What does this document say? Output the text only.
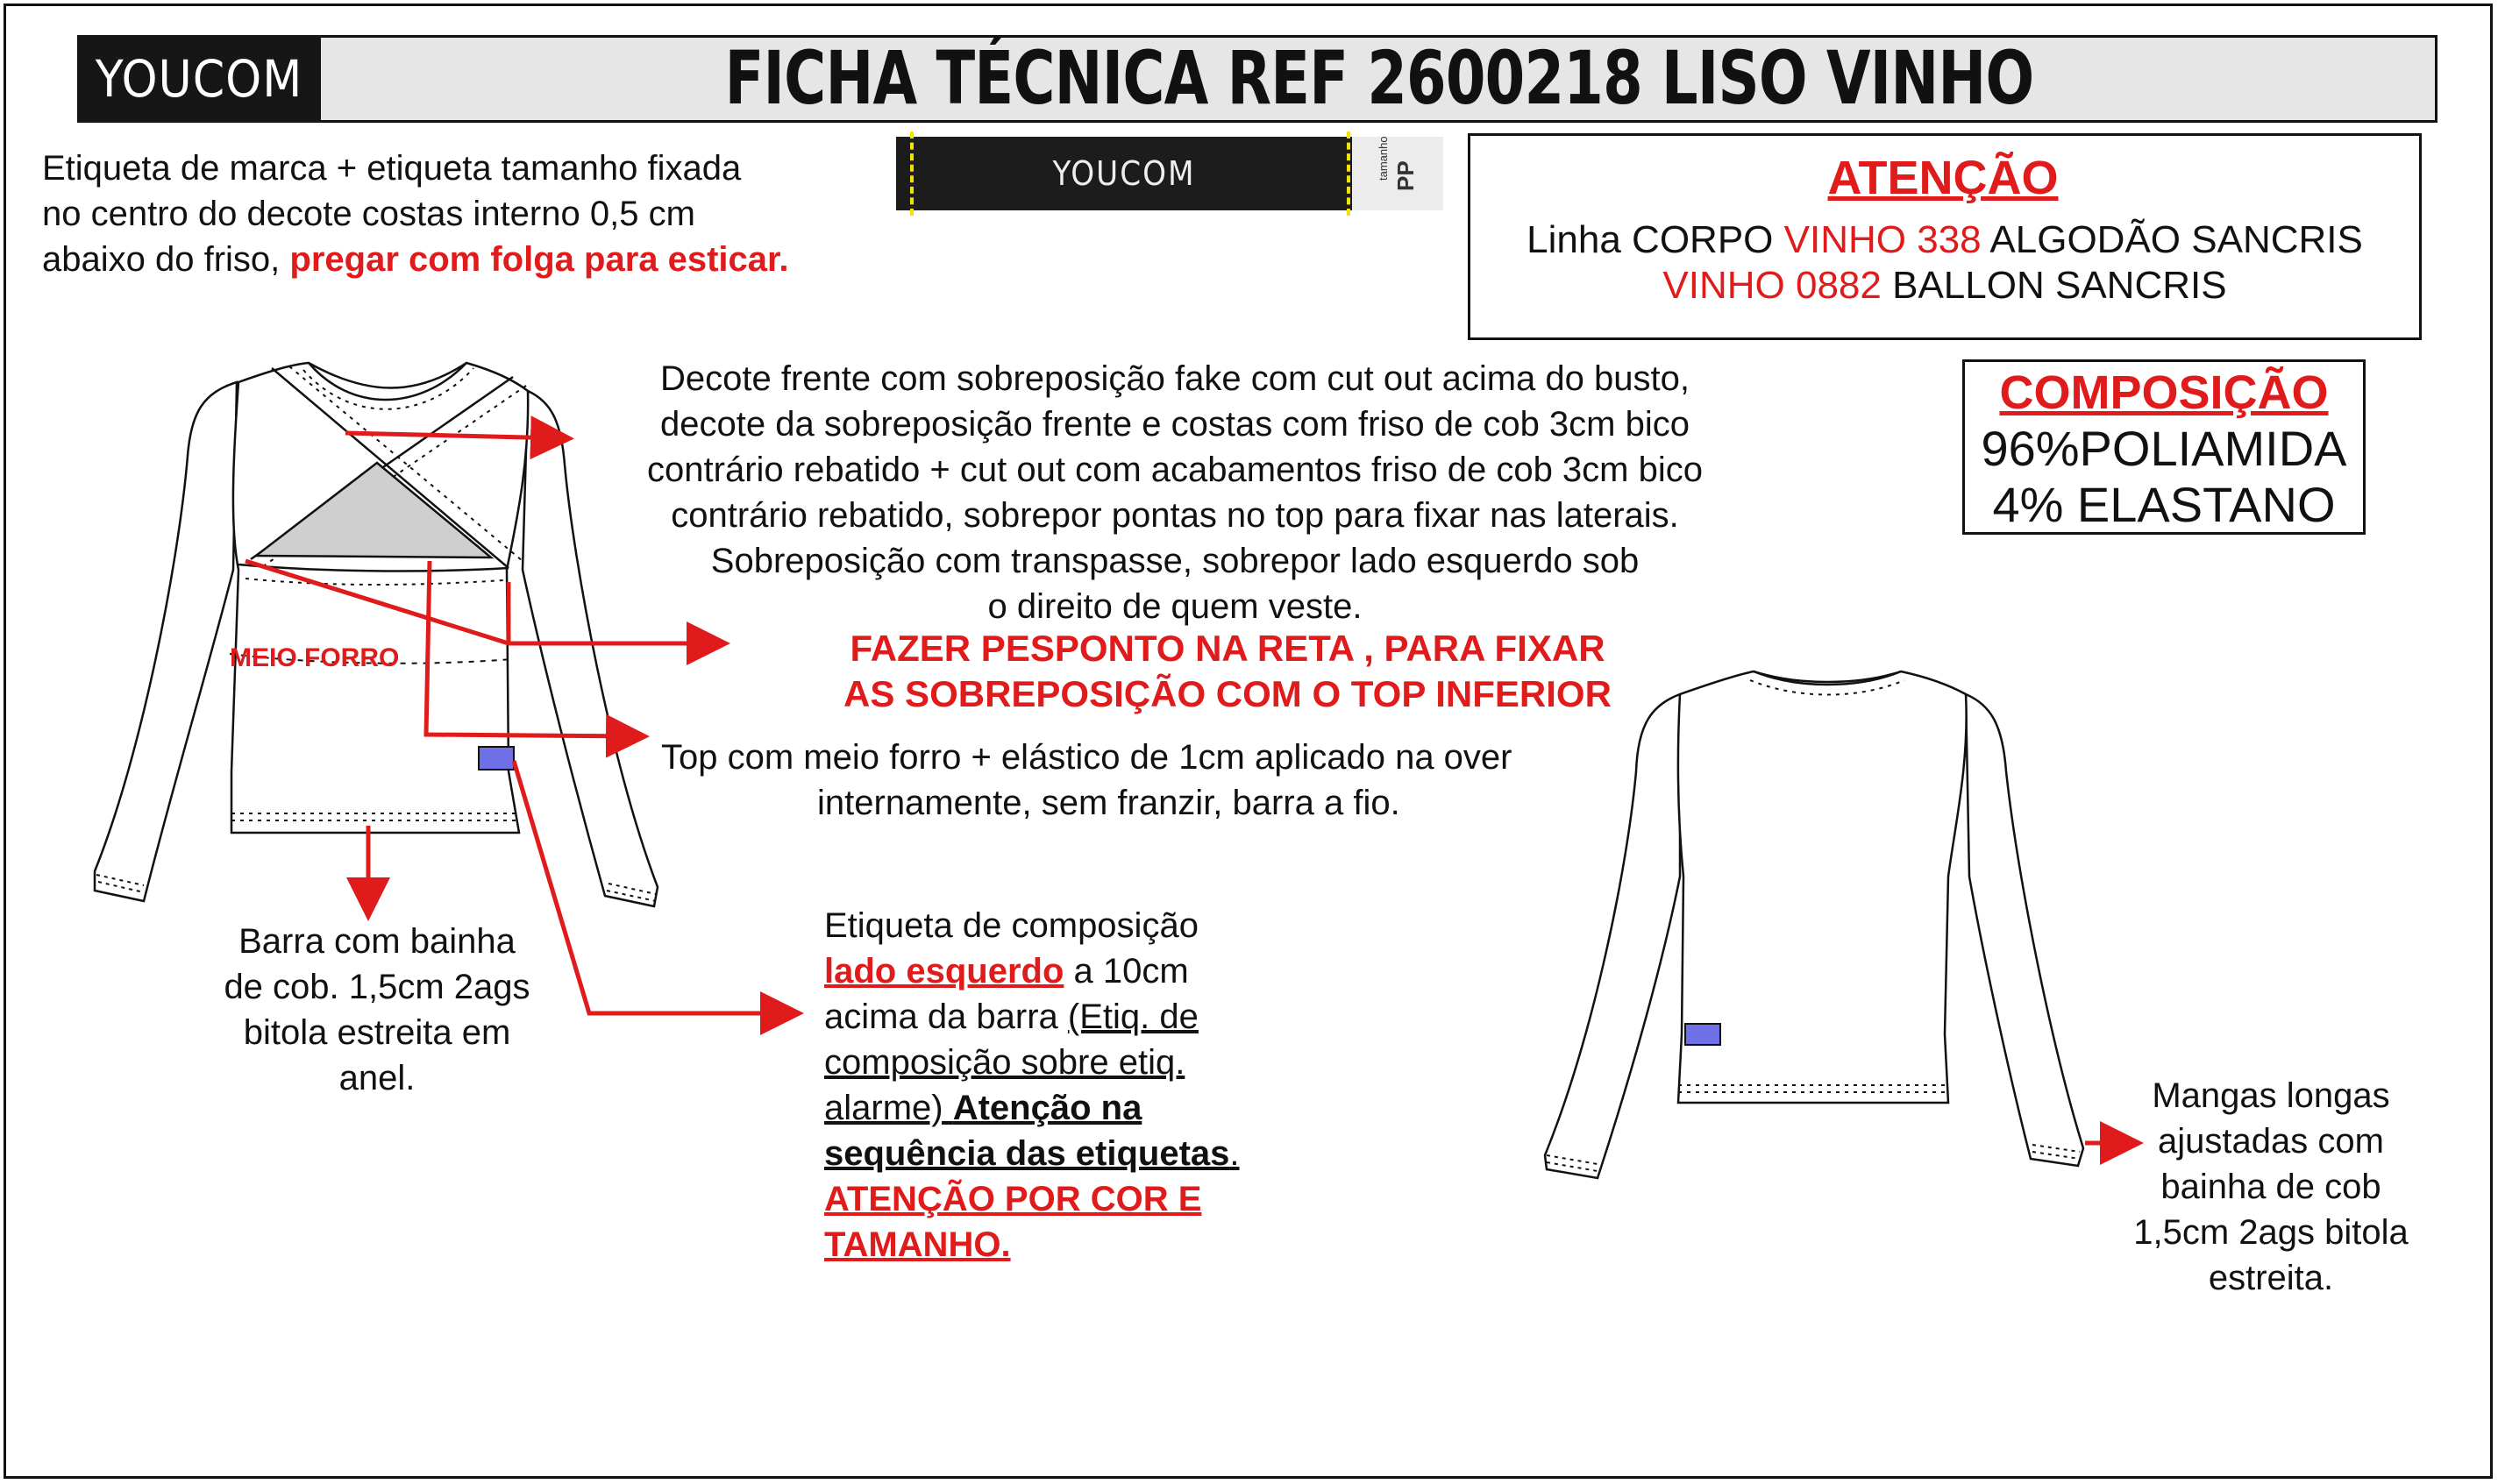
YOUCOM	FICHA TÉCNICA REF 2600218 LISO VINHO
Etiqueta de marca + etiqueta tamanho fixada
no centro do decote costas interno 0,5 cm
abaixo do friso, pregar com folga para esticar.
YOUCOM	tamanho PP	ATENÇÃO
Linha CORPO VINHO 338 ALGODÃO SANCRIS
VINHO 0882 BALLON SANCRIS
COMPOSIÇÃO
96%POLIAMIDA
4% ELASTANO
Decote frente com sobreposição fake com cut out acima do busto,
decote da sobreposição frente e costas com friso de cob 3cm bico
contrário rebatido + cut out com acabamentos friso de cob 3cm bico
contrário rebatido, sobrepor pontas no top para fixar nas laterais.
Sobreposição com transpasse, sobrepor lado esquerdo sob
o direito de quem veste.
FAZER PESPONTO NA RETA , PARA FIXAR
AS SOBREPOSIÇÃO COM O TOP INFERIOR
Top com meio forro + elástico de 1cm aplicado na over
internamente, sem franzir, barra a fio.
Barra com bainha
de cob. 1,5cm 2ags
bitola estreita em
anel.
Etiqueta de composição
lado esquerdo a 10cm
acima da barra (Etiq. de
composição sobre etiq.
alarme) Atenção na
sequência das etiquetas.
ATENÇÃO POR COR E
TAMANHO.
Mangas longas
ajustadas com
bainha de cob
1,5cm 2ags bitola
estreita.
MEIO FORRO
